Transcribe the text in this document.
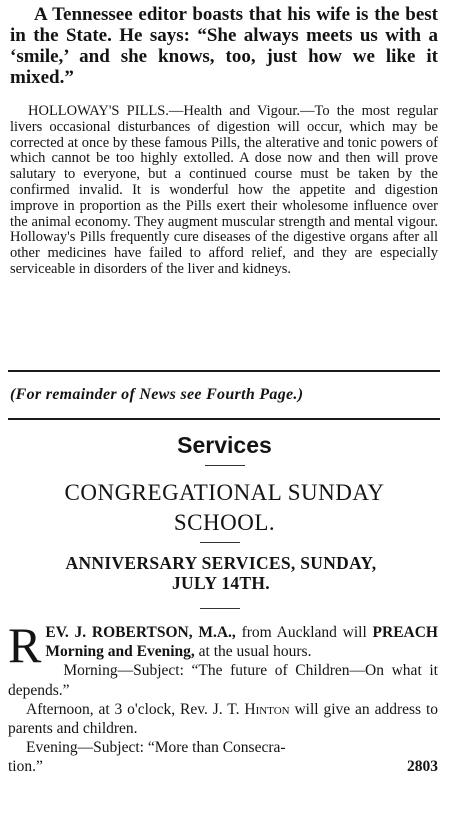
A Tennessee editor boasts that his wife is the best in the State. He says: “She always meets us with a ‘smile,’ and she knows, too, just how we like it mixed.”

HOLLOWAY'S PILLS.—Health and Vigour.—To the most regular livers occasional disturbances of digestion will occur, which may be corrected at once by these famous Pills, the alterative and tonic powers of which cannot be too highly extolled. A dose now and then will prove salutary to everyone, but a continued course must be taken by the confirmed invalid. It is wonderful how the appetite and digestion improve in proportion as the Pills exert their wholesome influence over the animal economy. They augment muscular strength and mental vigour. Holloway's Pills frequently cure diseases of the digestive organs after all other medicines have failed to afford relief, and they are especially serviceable in disorders of the liver and kidneys.

(For remainder of News see Fourth Page.)

Services
CONGREGATIONAL SUNDAY
SCHOOL.
ANNIVERSARY SERVICES, SUNDAY,
JULY 14TH.

REV. J. ROBERTSON, M.A., from Auckland will PREACH Morning and Evening, at the usual hours.

Morning—Subject: “The future of Children—On what it depends.”

Afternoon, at 3 o'clock, Rev. J. T. Hinton will give an address to parents and children.

Evening—Subject: “More than Consecra-

tion.”	2803
